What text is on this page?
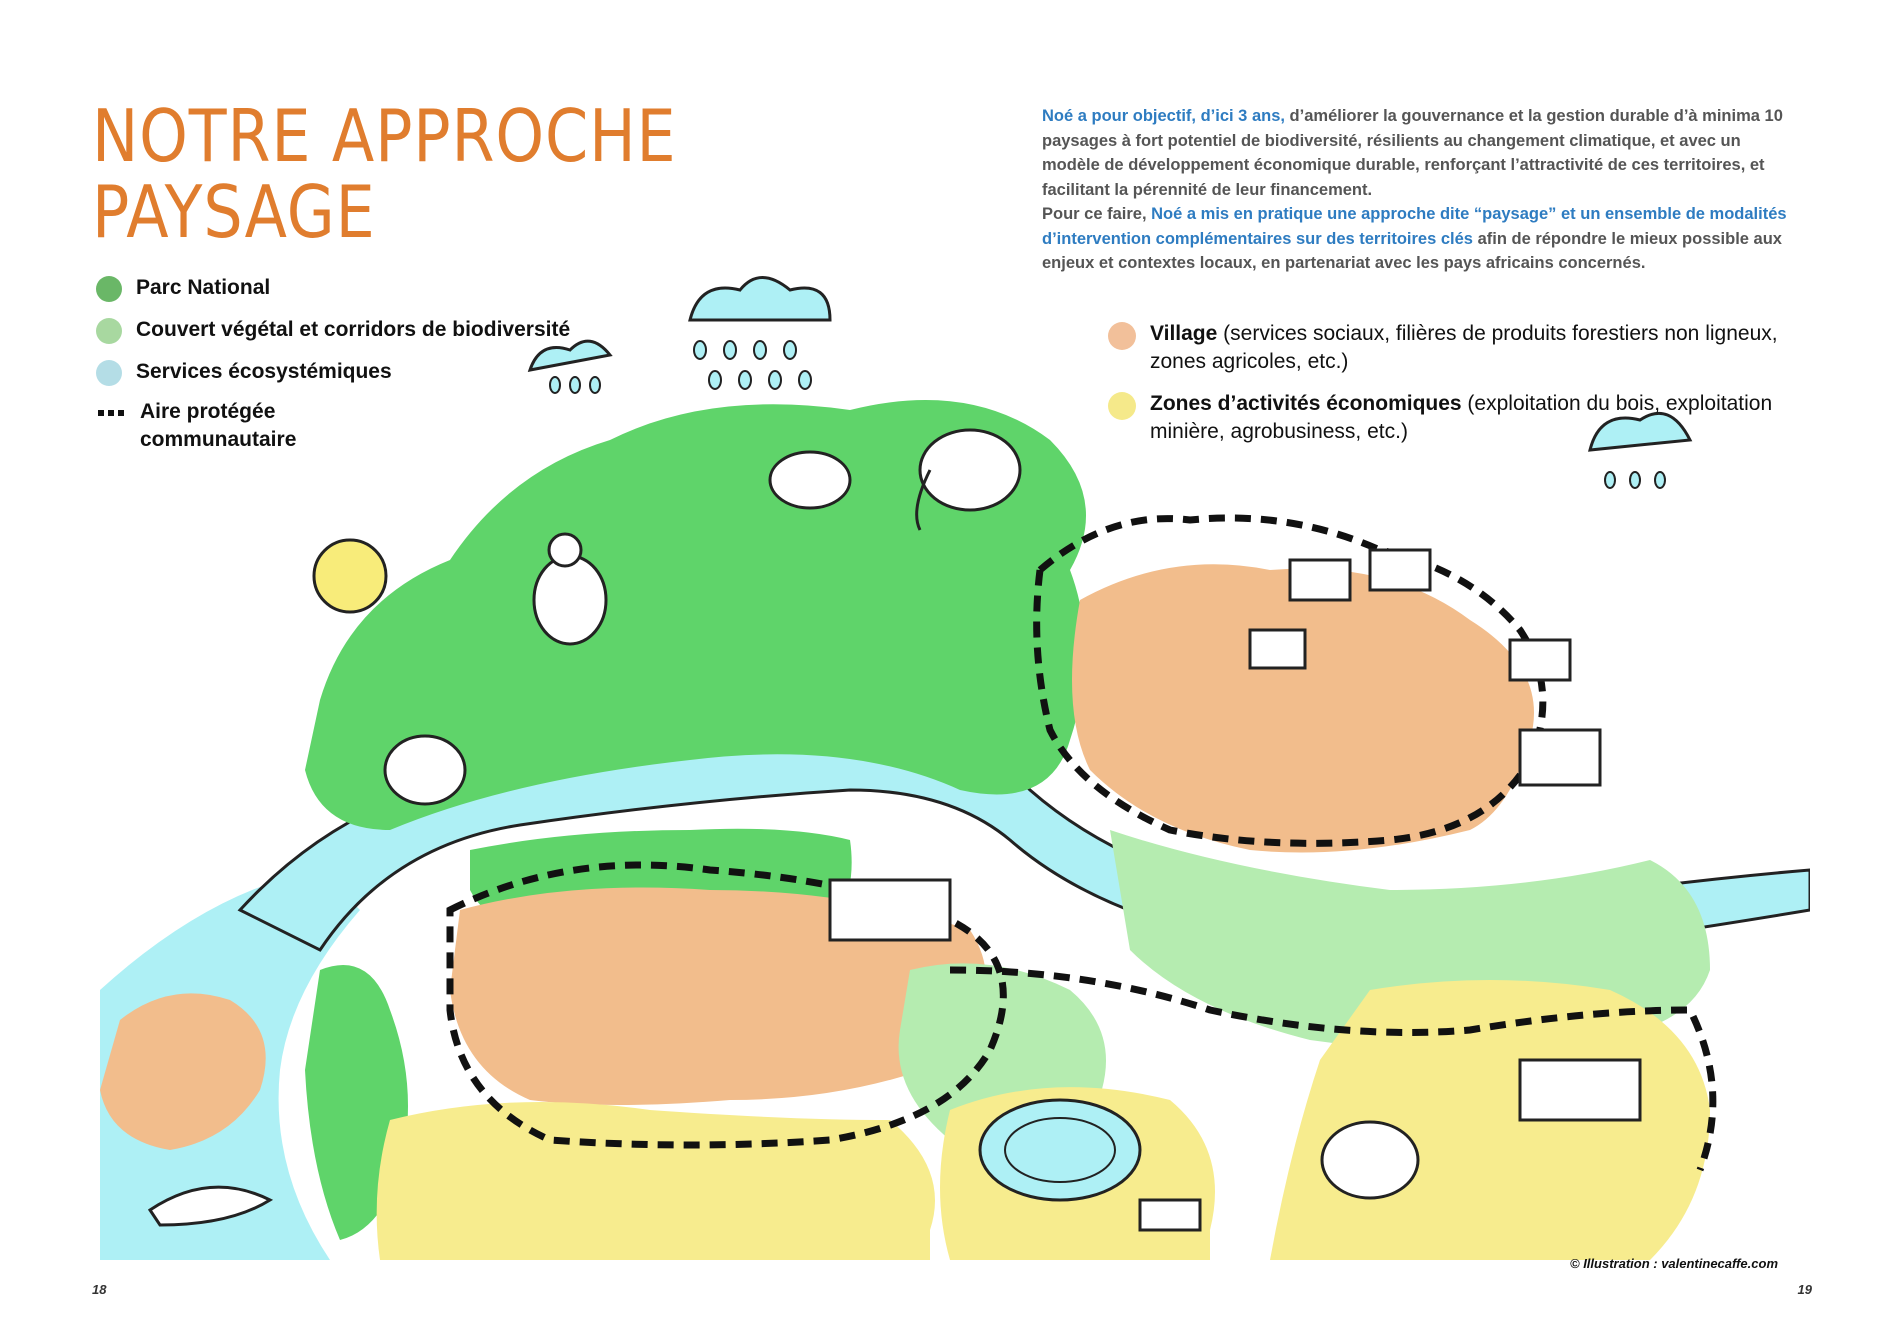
NOTRE APPROCHE
PAYSAGE
Parc National
Couvert végétal et corridors de biodiversité
Services écosystémiques
Aire protégée communautaire

Noé a pour objectif, d’ici 3 ans, d’améliorer la gouvernance et la gestion durable d’à minima 10 paysages à fort potentiel de biodiversité, résilients au changement climatique, et avec un modèle de développement économique durable, renforçant l’attractivité de ces territoires, et facilitant la pérennité de leur financement.
Pour ce faire, Noé a mis en pratique une approche dite “paysage” et un ensemble de modalités d’intervention complémentaires sur des territoires clés afin de répondre le mieux possible aux enjeux et contextes locaux, en partenariat avec les pays africains concernés.

Village (services sociaux, filières de produits forestiers non ligneux, zones agricoles, etc.)
Zones d’activités économiques (exploitation du bois, exploitation minière, agrobusiness, etc.)
© Illustration : valentinecaffe.com
18	19
